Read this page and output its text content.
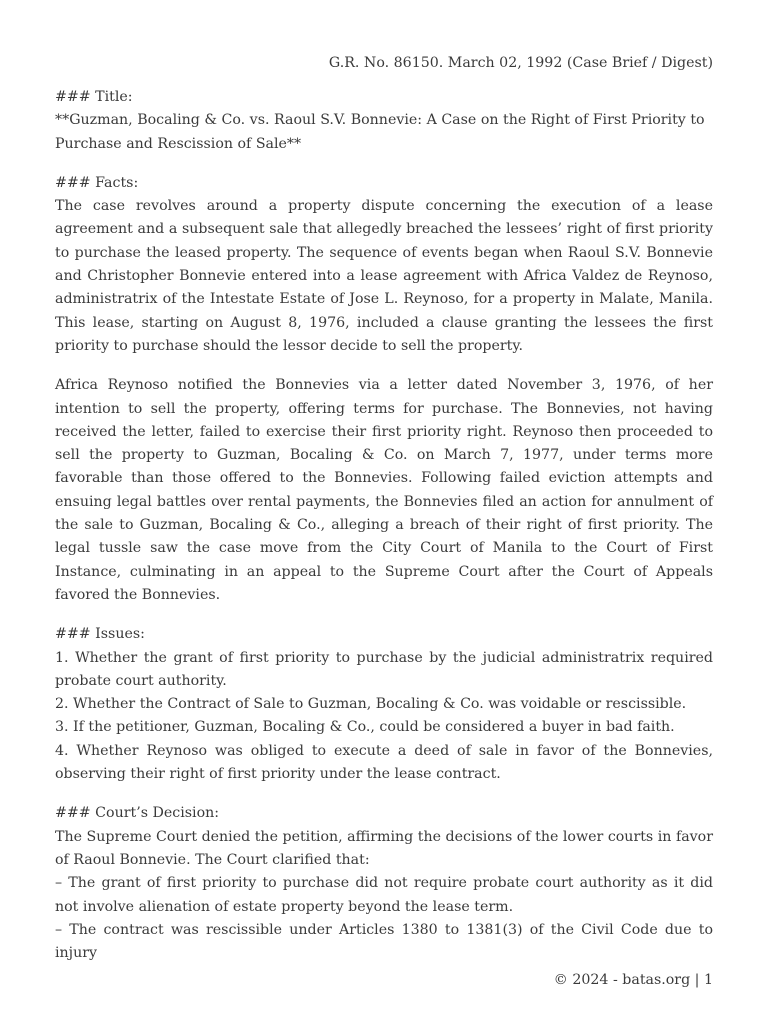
G.R. No. 86150. March 02, 1992 (Case Brief / Digest)

### Title:

**Guzman, Bocaling & Co. vs. Raoul S.V. Bonnevie: A Case on the Right of First Priority to Purchase and Rescission of Sale**

### Facts:

The case revolves around a property dispute concerning the execution of a lease agreement and a subsequent sale that allegedly breached the lessees’ right of first priority to purchase the leased property. The sequence of events began when Raoul S.V. Bonnevie and Christopher Bonnevie entered into a lease agreement with Africa Valdez de Reynoso, administratrix of the Intestate Estate of Jose L. Reynoso, for a property in Malate, Manila. This lease, starting on August 8, 1976, included a clause granting the lessees the first priority to purchase should the lessor decide to sell the property.

Africa Reynoso notified the Bonnevies via a letter dated November 3, 1976, of her intention to sell the property, offering terms for purchase. The Bonnevies, not having received the letter, failed to exercise their first priority right. Reynoso then proceeded to sell the property to Guzman, Bocaling & Co. on March 7, 1977, under terms more favorable than those offered to the Bonnevies. Following failed eviction attempts and ensuing legal battles over rental payments, the Bonnevies filed an action for annulment of the sale to Guzman, Bocaling & Co., alleging a breach of their right of first priority. The legal tussle saw the case move from the City Court of Manila to the Court of First Instance, culminating in an appeal to the Supreme Court after the Court of Appeals favored the Bonnevies.

### Issues:

1. Whether the grant of first priority to purchase by the judicial administratrix required probate court authority.

2. Whether the Contract of Sale to Guzman, Bocaling & Co. was voidable or rescissible.

3. If the petitioner, Guzman, Bocaling & Co., could be considered a buyer in bad faith.

4. Whether Reynoso was obliged to execute a deed of sale in favor of the Bonnevies, observing their right of first priority under the lease contract.

### Court’s Decision:

The Supreme Court denied the petition, affirming the decisions of the lower courts in favor of Raoul Bonnevie. The Court clarified that:

– The grant of first priority to purchase did not require probate court authority as it did not involve alienation of estate property beyond the lease term.

– The contract was rescissible under Articles 1380 to 1381(3) of the Civil Code due to injury

© 2024 - batas.org | 1
